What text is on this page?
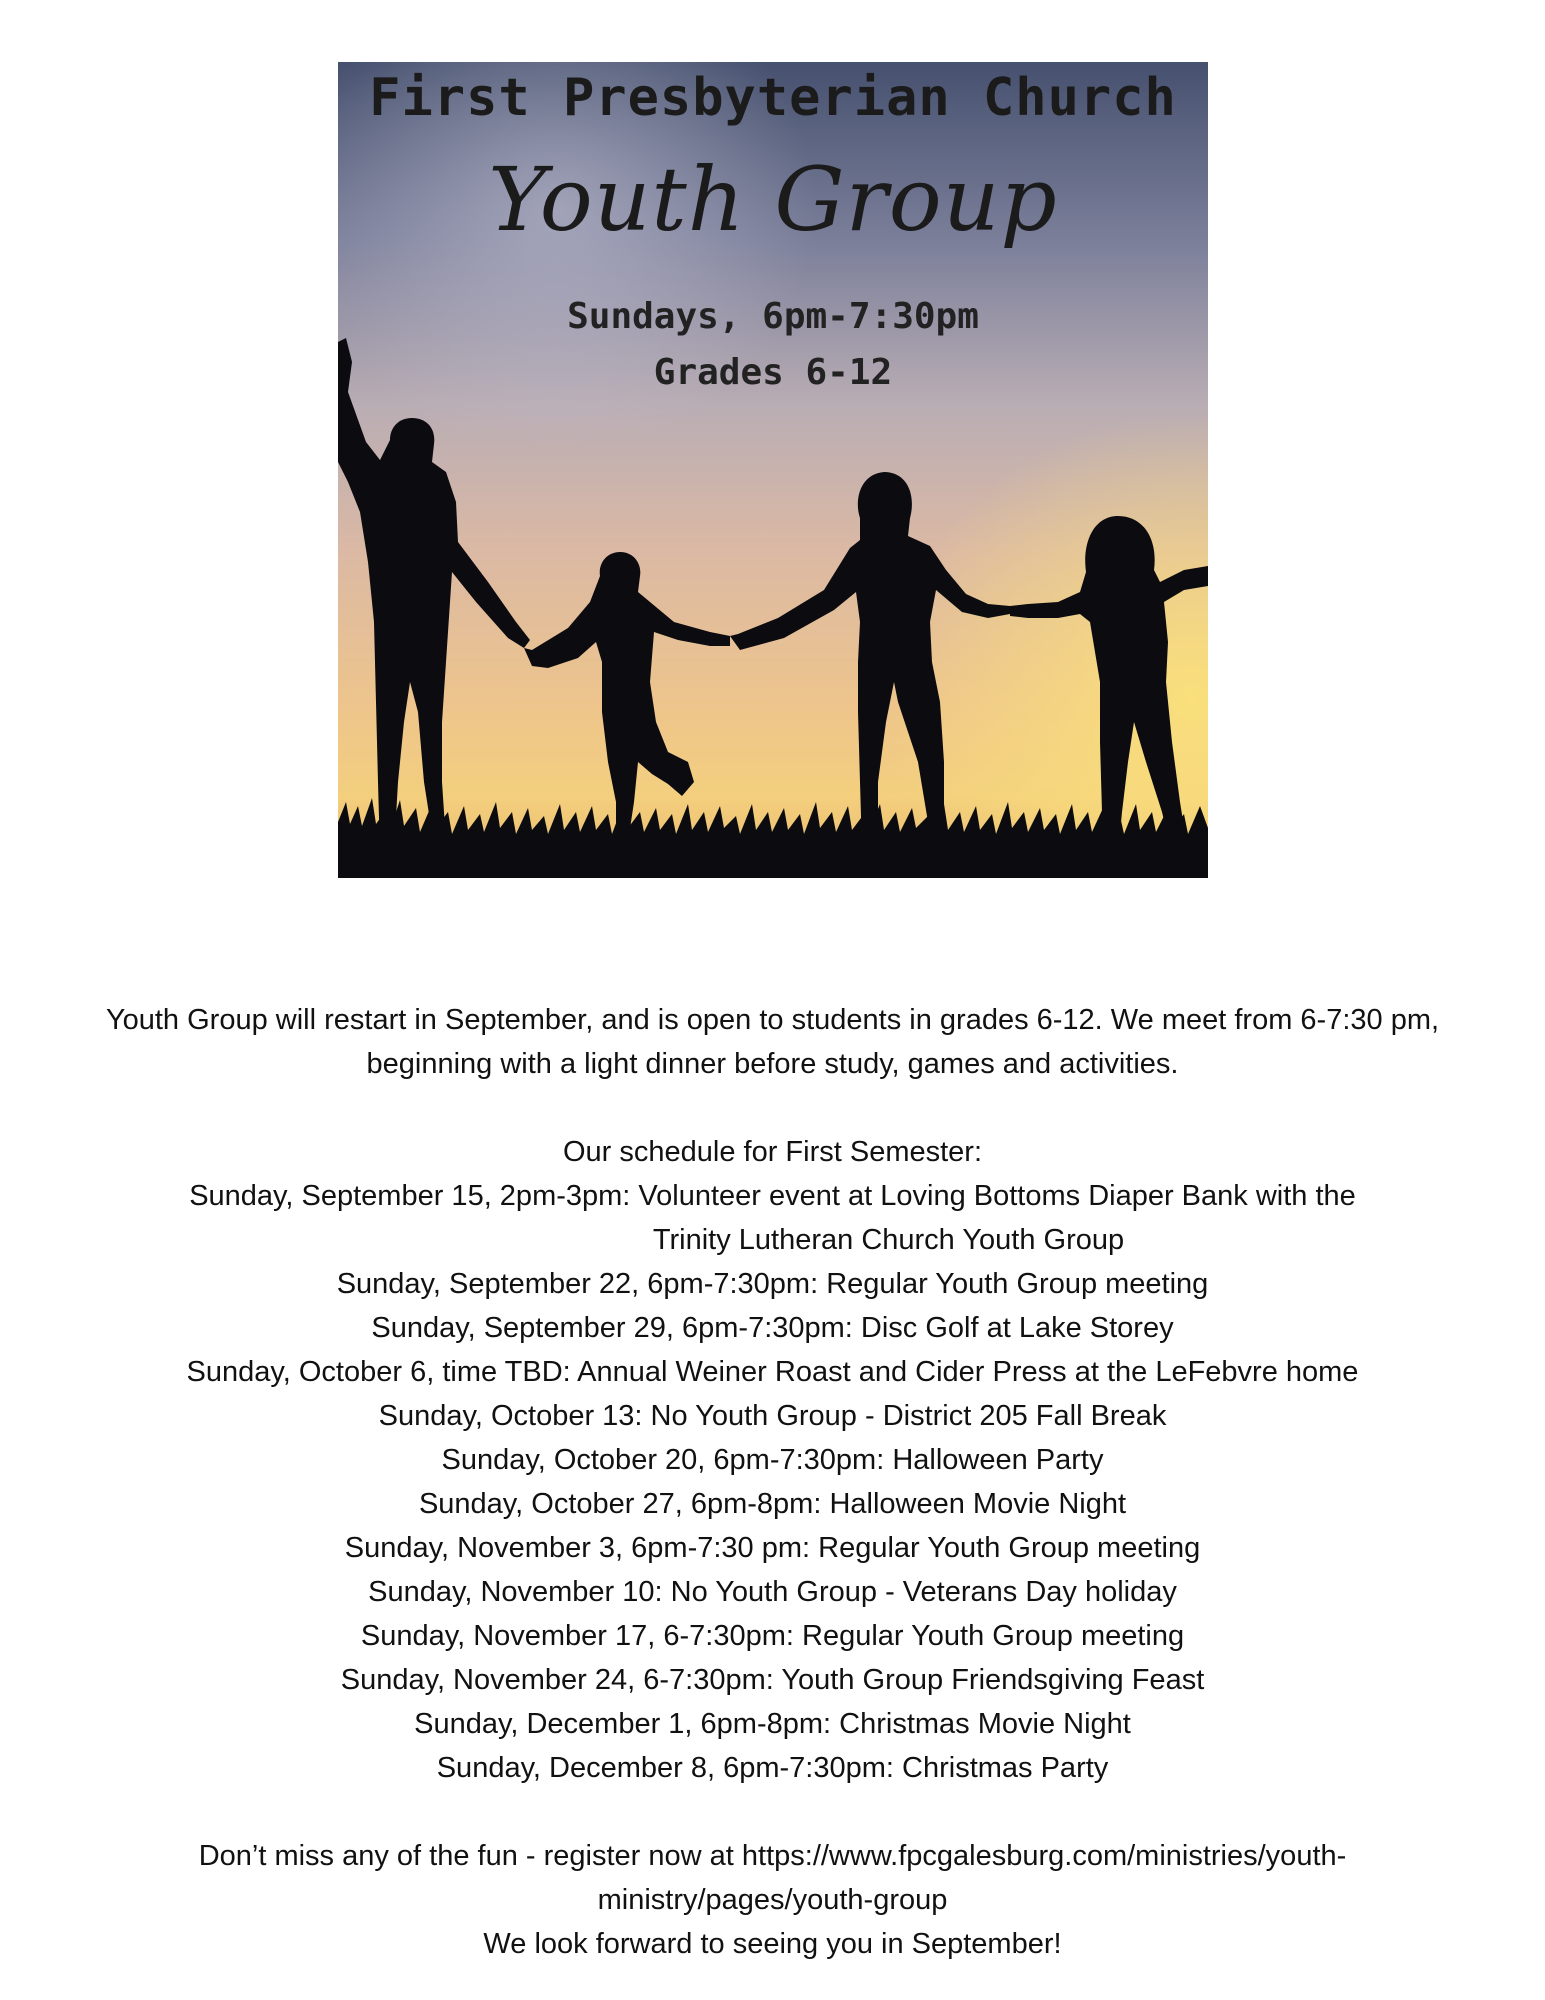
First Presbyterian Church
Youth Group
Sundays, 6pm-7:30pm
Grades 6-12

Youth Group will restart in September, and is open to students in grades 6-12. We meet from 6-7:30 pm,

beginning with a light dinner before study, games and activities.

Our schedule for First Semester:

Sunday, September 15, 2pm-3pm: Volunteer event at Loving Bottoms Diaper Bank with the

Trinity Lutheran Church Youth Group

Sunday, September 22, 6pm-7:30pm: Regular Youth Group meeting

Sunday, September 29, 6pm-7:30pm: Disc Golf at Lake Storey

Sunday, October 6, time TBD: Annual Weiner Roast and Cider Press at the LeFebvre home

Sunday, October 13: No Youth Group - District 205 Fall Break

Sunday, October 20, 6pm-7:30pm: Halloween Party

Sunday, October 27, 6pm-8pm: Halloween Movie Night

Sunday, November 3, 6pm-7:30 pm: Regular Youth Group meeting

Sunday, November 10: No Youth Group - Veterans Day holiday

Sunday, November 17, 6-7:30pm: Regular Youth Group meeting

Sunday, November 24, 6-7:30pm: Youth Group Friendsgiving Feast

Sunday, December 1, 6pm-8pm: Christmas Movie Night

Sunday, December 8, 6pm-7:30pm: Christmas Party

Don’t miss any of the fun - register now at https://www.fpcgalesburg.com/ministries/youth-

ministry/pages/youth-group

We look forward to seeing you in September!
